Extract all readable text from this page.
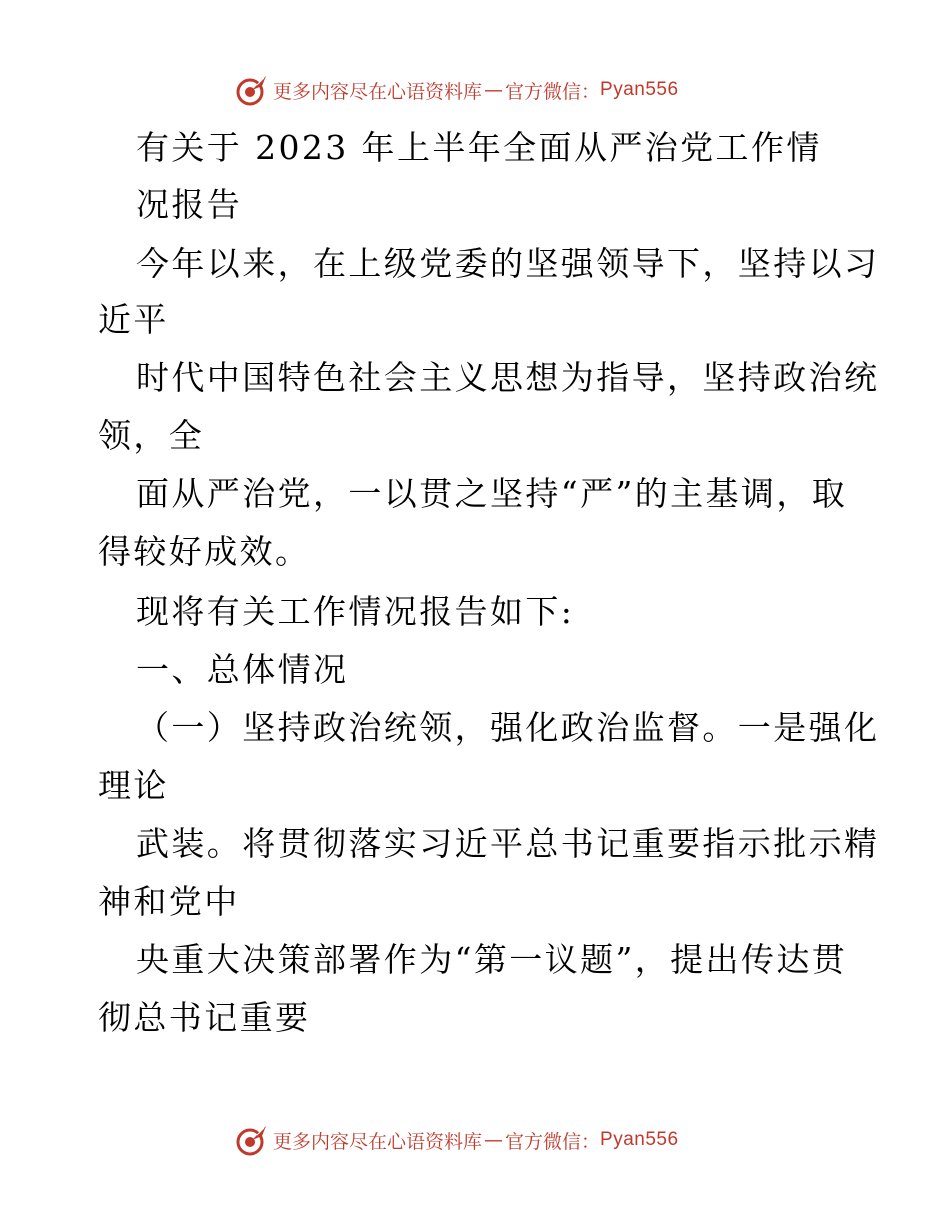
更多内容尽在心语资料库 — 官方微信： Pyan556
有关于 2023 年上半年全面从严治党工作情
况报告
今年以来，在上级党委的坚强领导下，坚持以习
近平
时代中国特色社会主义思想为指导，坚持政治统
领，全
面从严治党，一以贯之坚持“严”的主基调，取
得较好成效。
现将有关工作情况报告如下:
一、总体情况
（一）坚持政治统领，强化政治监督。一是强化
理论
武装。将贯彻落实习近平总书记重要指示批示精
神和党中
央重大决策部署作为“第一议题”，提出传达贯
彻总书记重要
更多内容尽在心语资料库 — 官方微信： Pyan556
